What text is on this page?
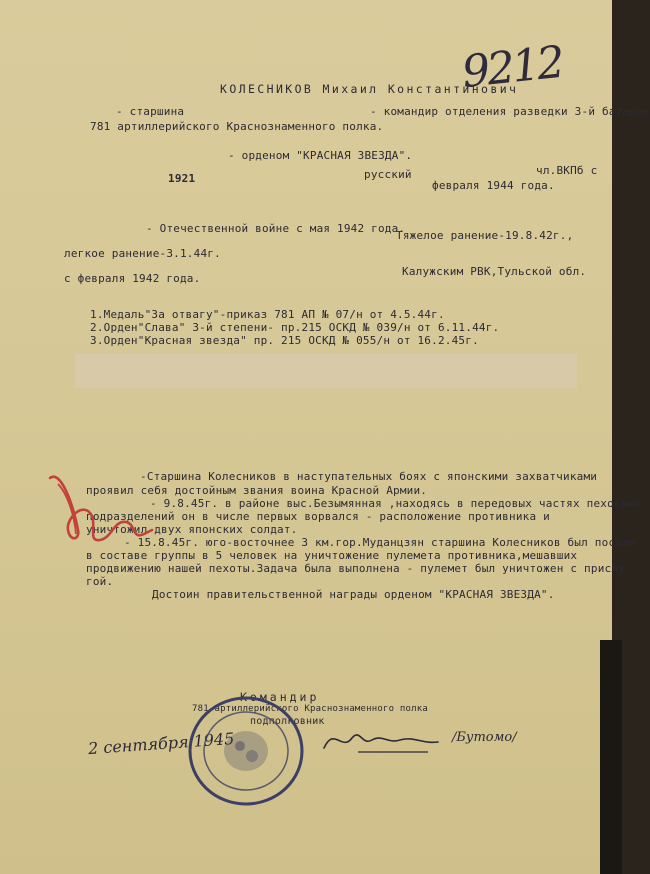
9212
КОЛЕСНИКОВ Михаил Константинович
- старшина	- командир отделения разведки 3-й батареи
781 артиллерийского Краснознаменного полка.
- орденом "КРАСНАЯ ЗВЕЗДА".
1921	русский	чл.ВКПб с
февраля 1944 года.
- Отечественной войне с мая 1942 года.
Тяжелое ранение-19.8.42г.,
легкое ранение-3.1.44г.
с февраля 1942 года.
Калужским РВК,Тульской обл.
1.Медаль"За отвагу"-приказ 781 АП № 07/н от 4.5.44г.
2.Орден"Слава" 3-й степени- пр.215 ОСКД № 039/н от 6.11.44г.
3.Орден"Красная звезда" пр. 215 ОСКД № 055/н от 16.2.45г.
-Старшина Колесников в наступательных боях с японскими захватчиками
проявил себя достойным звания воина Красной Армии.
- 9.8.45г. в районе выс.Безымянная ,находясь в передовых частях пехотных
подразделений он в числе первых ворвался - расположение противника и
уничтожил двух японских солдат.
- 15.8.45г. юго-восточнее 3 км.гор.Муданцзян старшина Колесников был послан
в составе группы в 5 человек на уничтожение пулемета противника,мешавших
продвижению нашей пехоты.Задача была выполнена - пулемет был уничтожен с прислу-
гой.
Достоин правительственной награды орденом "КРАСНАЯ ЗВЕЗДА".
Командир
781 артиллерийского Краснознаменного полка
подполковник
2 сентября 1945	/Бутомо/
